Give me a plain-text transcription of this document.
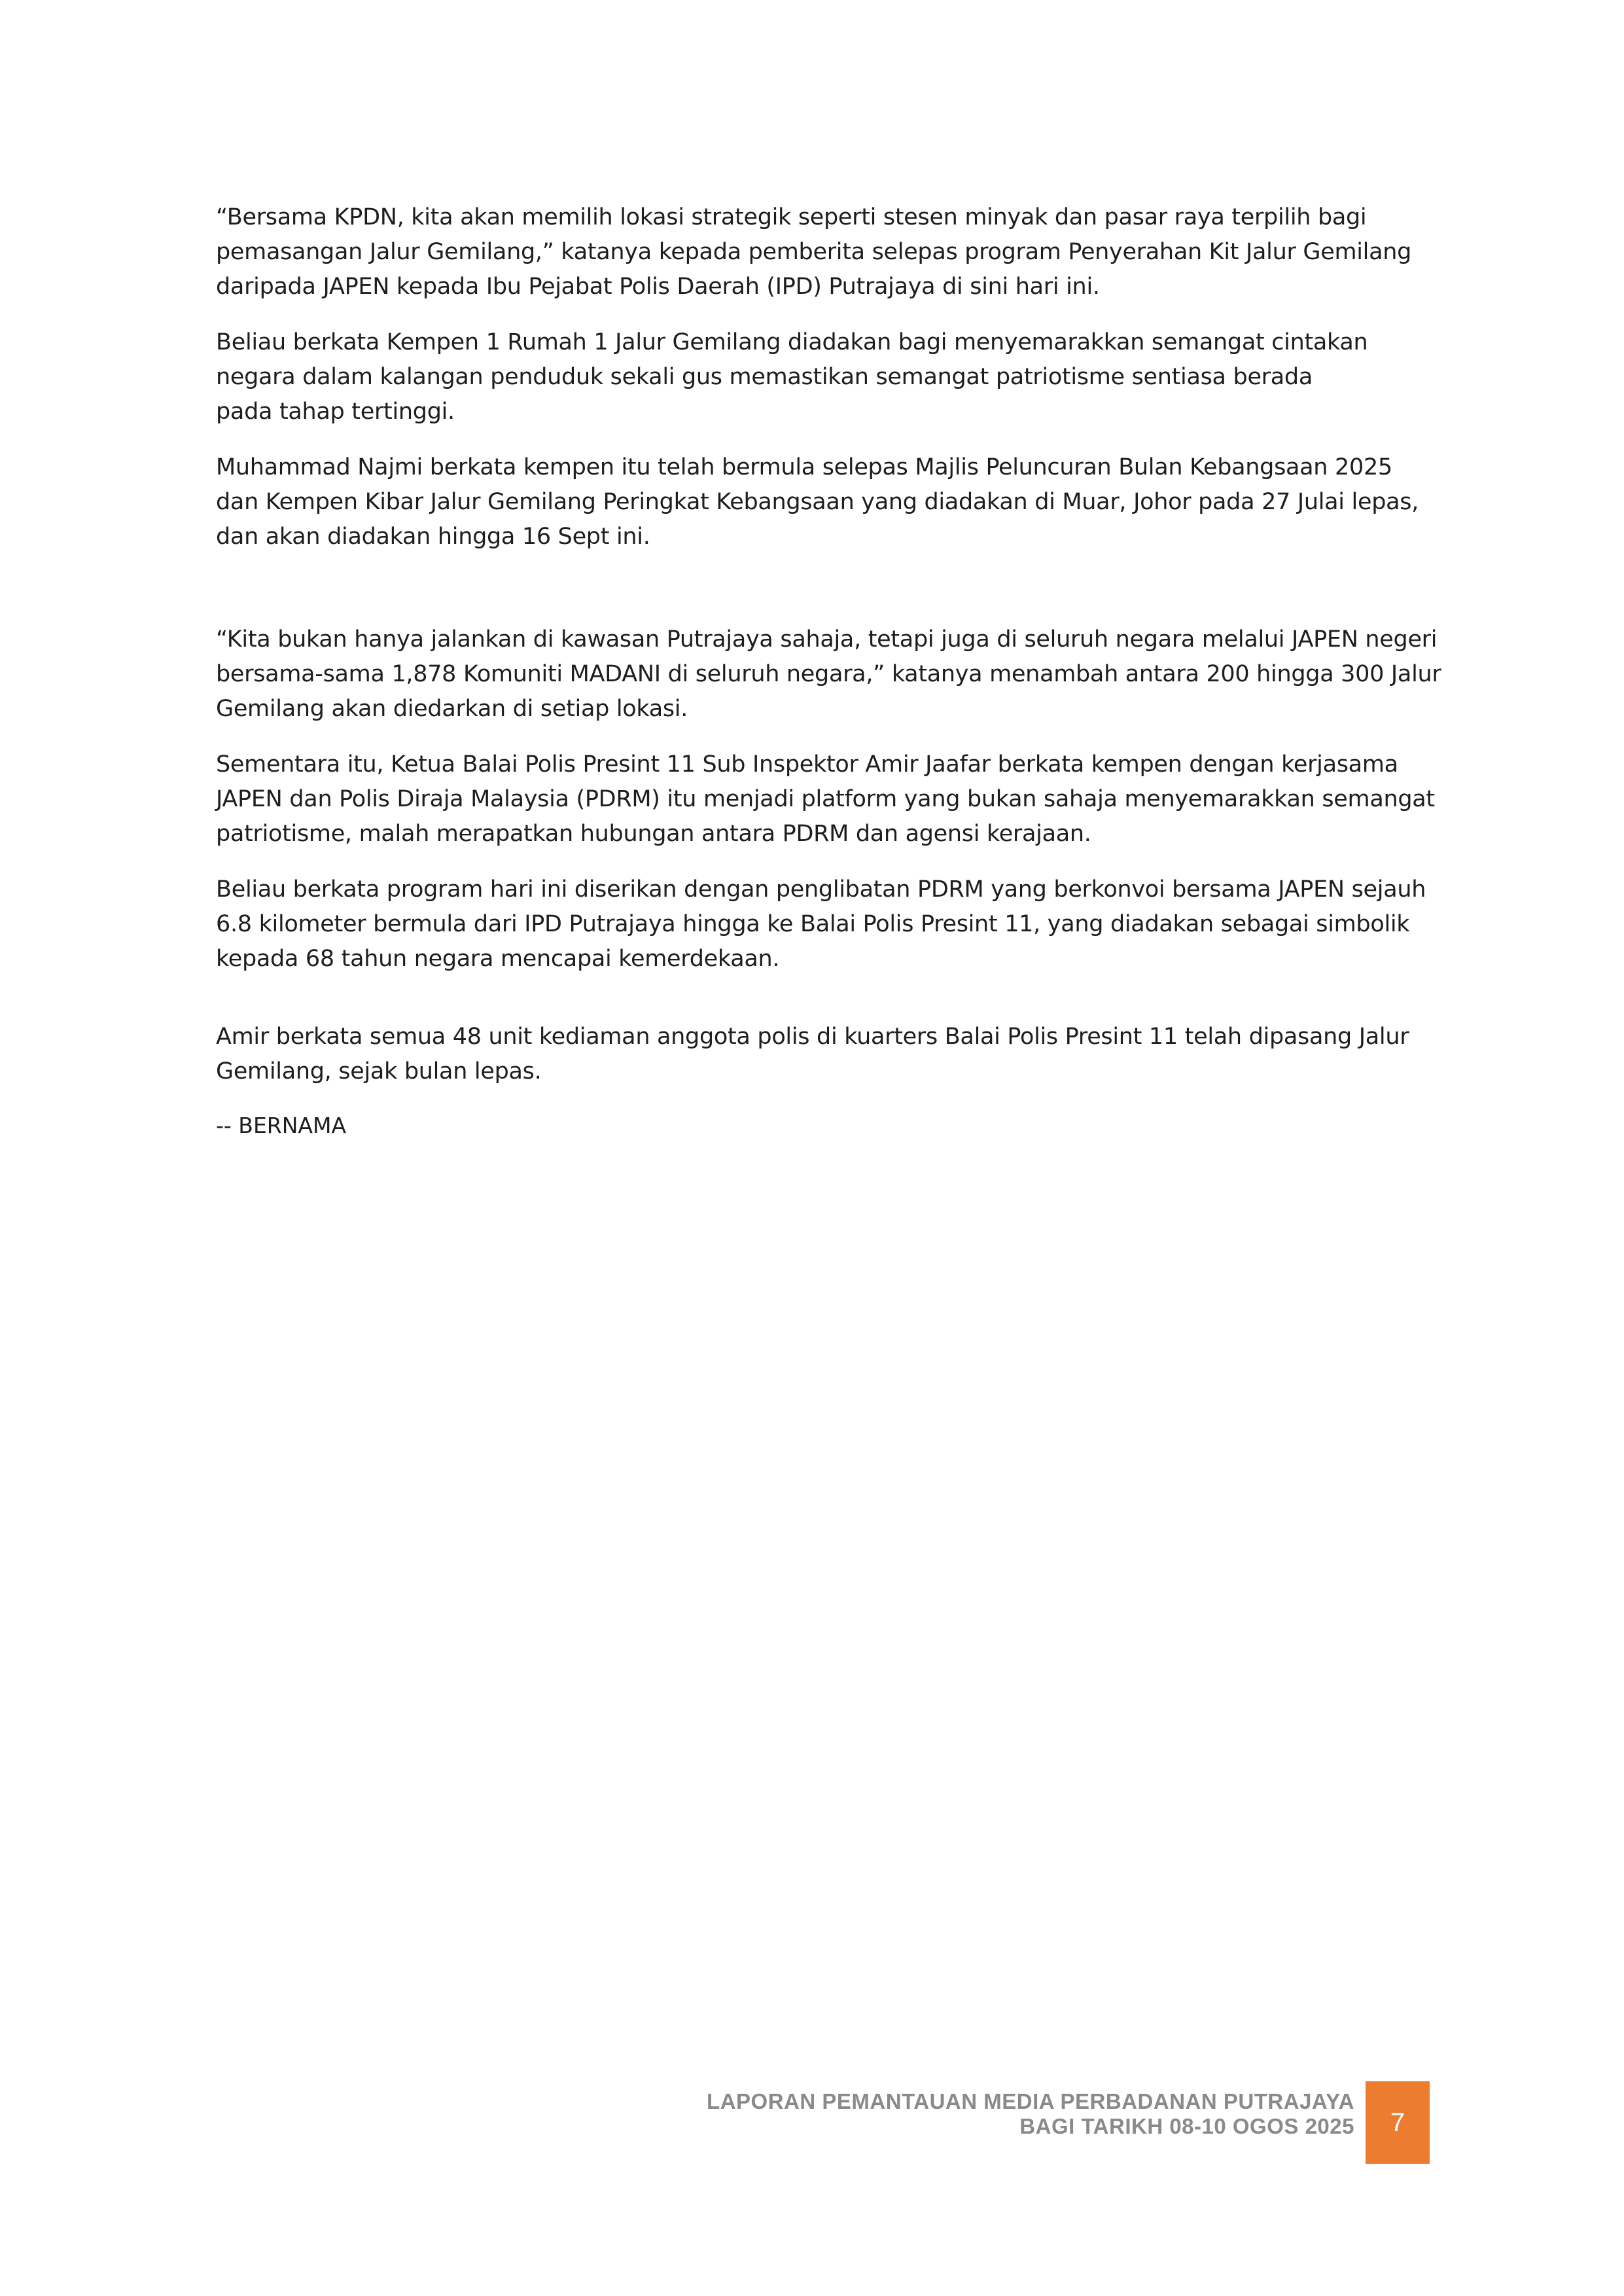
“Bersama KPDN, kita akan memilih lokasi strategik seperti stesen minyak dan pasar raya terpilih bagi
pemasangan Jalur Gemilang,” katanya kepada pemberita selepas program Penyerahan Kit Jalur Gemilang
daripada JAPEN kepada Ibu Pejabat Polis Daerah (IPD) Putrajaya di sini hari ini.

Beliau berkata Kempen 1 Rumah 1 Jalur Gemilang diadakan bagi menyemarakkan semangat cintakan
negara dalam kalangan penduduk sekali gus memastikan semangat patriotisme sentiasa berada
pada tahap tertinggi.

Muhammad Najmi berkata kempen itu telah bermula selepas Majlis Peluncuran Bulan Kebangsaan 2025
dan Kempen Kibar Jalur Gemilang Peringkat Kebangsaan yang diadakan di Muar, Johor pada 27 Julai lepas,
dan akan diadakan hingga 16 Sept ini.

“Kita bukan hanya jalankan di kawasan Putrajaya sahaja, tetapi juga di seluruh negara melalui JAPEN negeri
bersama-sama 1,878 Komuniti MADANI di seluruh negara,” katanya menambah antara 200 hingga 300 Jalur
Gemilang akan diedarkan di setiap lokasi.

Sementara itu, Ketua Balai Polis Presint 11 Sub Inspektor Amir Jaafar berkata kempen dengan kerjasama
JAPEN dan Polis Diraja Malaysia (PDRM) itu menjadi platform yang bukan sahaja menyemarakkan semangat
patriotisme, malah merapatkan hubungan antara PDRM dan agensi kerajaan.

Beliau berkata program hari ini diserikan dengan penglibatan PDRM yang berkonvoi bersama JAPEN sejauh
6.8 kilometer bermula dari IPD Putrajaya hingga ke Balai Polis Presint 11, yang diadakan sebagai simbolik
kepada 68 tahun negara mencapai kemerdekaan.

Amir berkata semua 48 unit kediaman anggota polis di kuarters Balai Polis Presint 11 telah dipasang Jalur
Gemilang, sejak bulan lepas.

-- BERNAMA
LAPORAN PEMANTAUAN MEDIA PERBADANAN PUTRAJAYA
BAGI TARIKH 08-10 OGOS 2025	7
